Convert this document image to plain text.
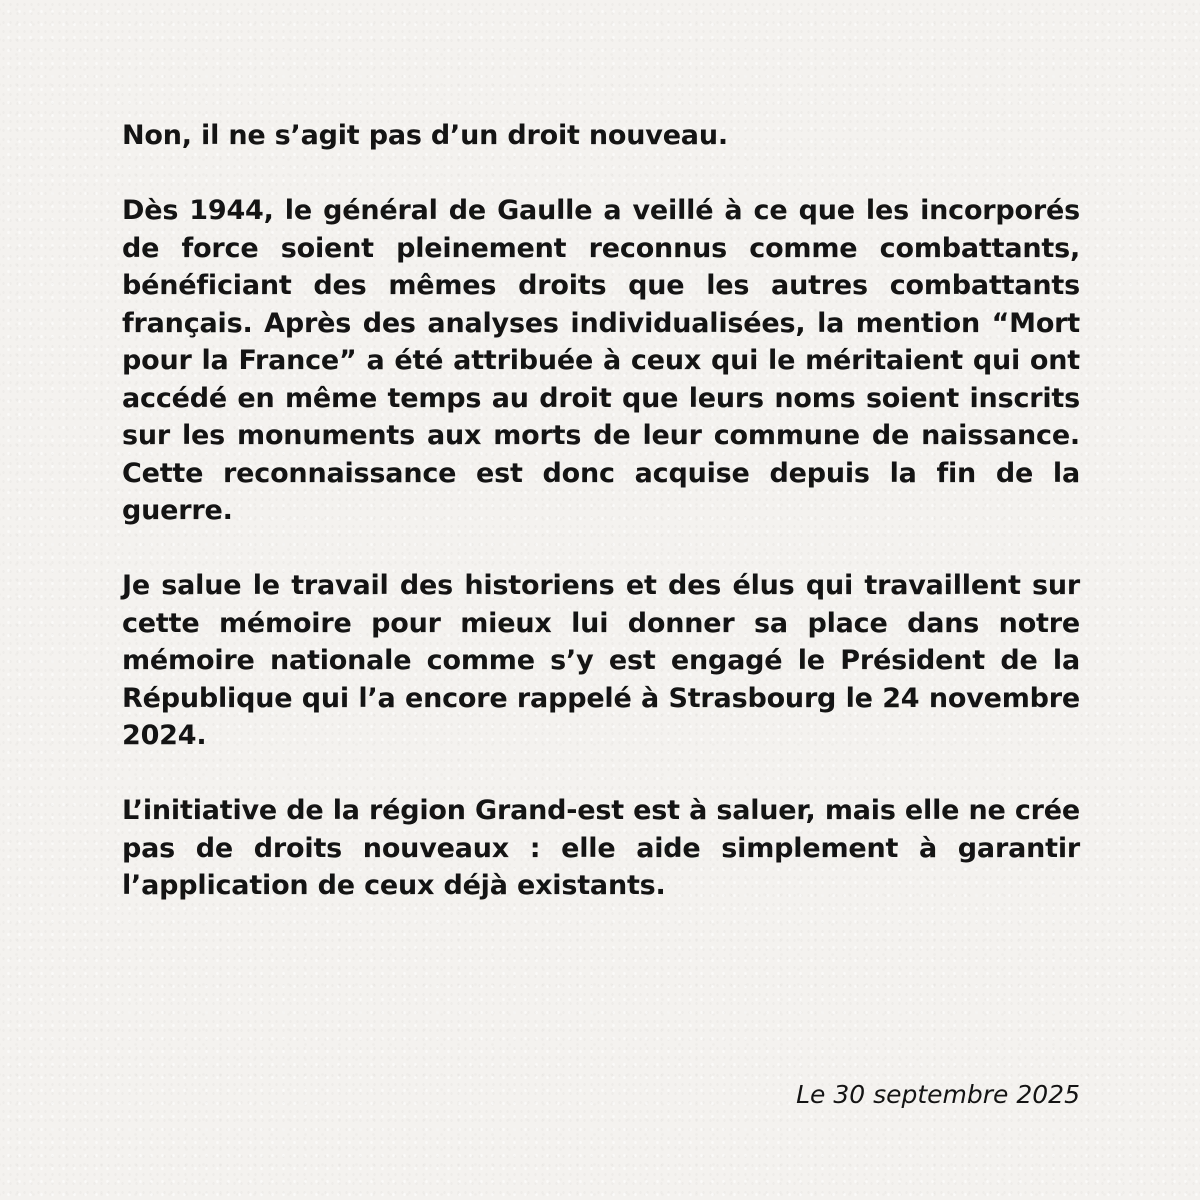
Non, il ne s’agit pas d’un droit nouveau.

Dès 1944, le général de Gaulle a veillé à ce que les incorporés de force soient pleinement reconnus comme combattants, bénéficiant des mêmes droits que les autres combattants français. Après des analyses individualisées, la mention “Mort pour la France” a été attribuée à ceux qui le méritaient qui ont accédé en même temps au droit que leurs noms soient inscrits sur les monuments aux morts de leur commune de naissance. Cette reconnaissance est donc acquise depuis la fin de la guerre.

Je salue le travail des historiens et des élus qui travaillent sur cette mémoire pour mieux lui donner sa place dans notre mémoire nationale comme s’y est engagé le Président de la République qui l’a encore rappelé à Strasbourg le 24 novembre 2024.

L’initiative de la région Grand-est est à saluer, mais elle ne crée pas de droits nouveaux : elle aide simplement à garantir l’application de ceux déjà existants.

Le 30 septembre 2025
